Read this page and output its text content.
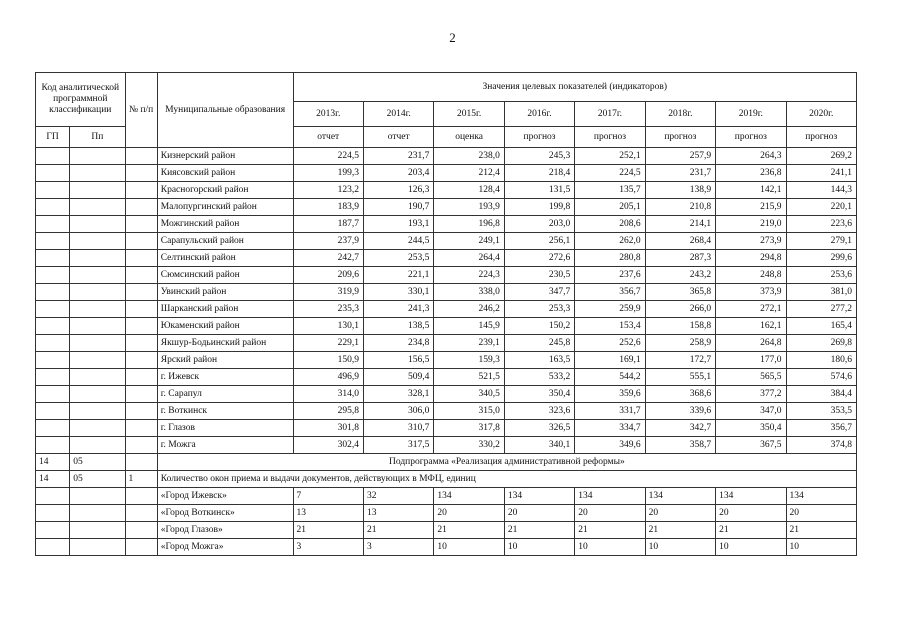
2
Код аналитической программной классификации		№ п/п	Муниципальные образования	Значения целевых показателей (индикаторов)							
				2013г.	2014г.	2015г.	2016г.	2017г.	2018г.	2019г.	2020г.
ГП	Пп			отчет	отчет	оценка	прогноз	прогноз	прогноз	прогноз	прогноз
			Кизнерский район	224,5	231,7	238,0	245,3	252,1	257,9	264,3	269,2
			Киясовский район	199,3	203,4	212,4	218,4	224,5	231,7	236,8	241,1
			Красногорский район	123,2	126,3	128,4	131,5	135,7	138,9	142,1	144,3
			Малопургинский район	183,9	190,7	193,9	199,8	205,1	210,8	215,9	220,1
			Можгинский район	187,7	193,1	196,8	203,0	208,6	214,1	219,0	223,6
			Сарапульский район	237,9	244,5	249,1	256,1	262,0	268,4	273,9	279,1
			Селтинский район	242,7	253,5	264,4	272,6	280,8	287,3	294,8	299,6
			Сюмсинский район	209,6	221,1	224,3	230,5	237,6	243,2	248,8	253,6
			Увинский район	319,9	330,1	338,0	347,7	356,7	365,8	373,9	381,0
			Шарканский район	235,3	241,3	246,2	253,3	259,9	266,0	272,1	277,2
			Юкаменский район	130,1	138,5	145,9	150,2	153,4	158,8	162,1	165,4
			Якшур-Бодьинский район	229,1	234,8	239,1	245,8	252,6	258,9	264,8	269,8
			Ярский район	150,9	156,5	159,3	163,5	169,1	172,7	177,0	180,6
			г. Ижевск	496,9	509,4	521,5	533,2	544,2	555,1	565,5	574,6
			г. Сарапул	314,0	328,1	340,5	350,4	359,6	368,6	377,2	384,4
			г. Воткинск	295,8	306,0	315,0	323,6	331,7	339,6	347,0	353,5
			г. Глазов	301,8	310,7	317,8	326,5	334,7	342,7	350,4	356,7
			г. Можга	302,4	317,5	330,2	340,1	349,6	358,7	367,5	374,8
14	05		Подпрограмма «Реализация административной реформы»								
14	05	1	Количество окон приема и выдачи документов, действующих в МФЦ, единиц								
			«Город Ижевск»	7	32	134	134	134	134	134	134
			«Город Воткинск»	13	13	20	20	20	20	20	20
			«Город Глазов»	21	21	21	21	21	21	21	21
			«Город Можга»	3	3	10	10	10	10	10	10
